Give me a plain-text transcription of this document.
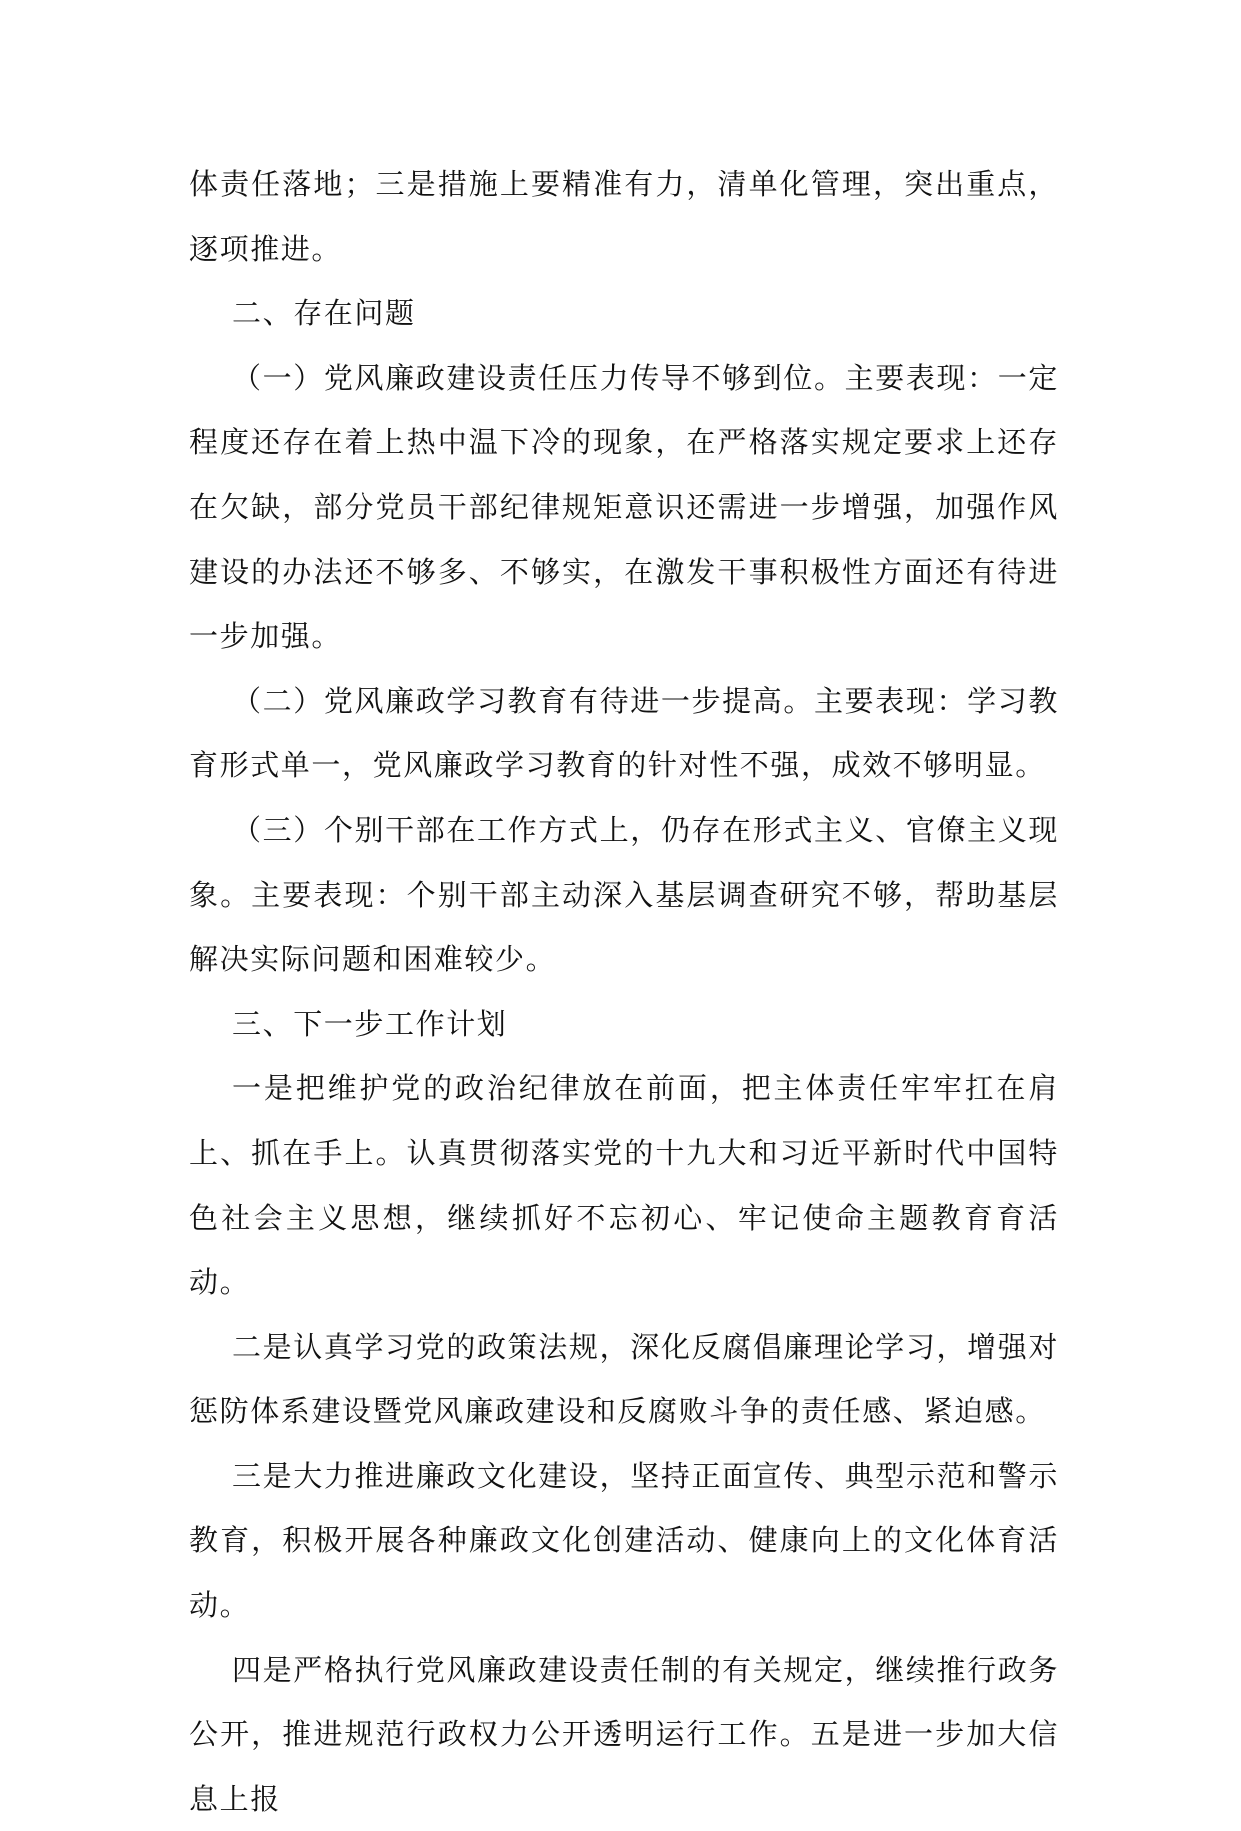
体责任落地；三是措施上要精准有力，清单化管理，突出重点，逐项推进。

二、存在问题

（一）党风廉政建设责任压力传导不够到位。主要表现：一定程度还存在着上热中温下冷的现象，在严格落实规定要求上还存在欠缺，部分党员干部纪律规矩意识还需进一步增强，加强作风建设的办法还不够多、不够实，在激发干事积极性方面还有待进一步加强。

（二）党风廉政学习教育有待进一步提高。主要表现：学习教育形式单一，党风廉政学习教育的针对性不强，成效不够明显。

（三）个别干部在工作方式上，仍存在形式主义、官僚主义现象。主要表现：个别干部主动深入基层调查研究不够，帮助基层解决实际问题和困难较少。

三、下一步工作计划

一是把维护党的政治纪律放在前面，把主体责任牢牢扛在肩上、抓在手上。认真贯彻落实党的十九大和习近平新时代中国特色社会主义思想，继续抓好不忘初心、牢记使命主题教育育活动。

二是认真学习党的政策法规，深化反腐倡廉理论学习，增强对惩防体系建设暨党风廉政建设和反腐败斗争的责任感、紧迫感。

三是大力推进廉政文化建设，坚持正面宣传、典型示范和警示教育，积极开展各种廉政文化创建活动、健康向上的文化体育活动。

四是严格执行党风廉政建设责任制的有关规定，继续推行政务公开，推进规范行政权力公开透明运行工作。五是进一步加大信息上报
